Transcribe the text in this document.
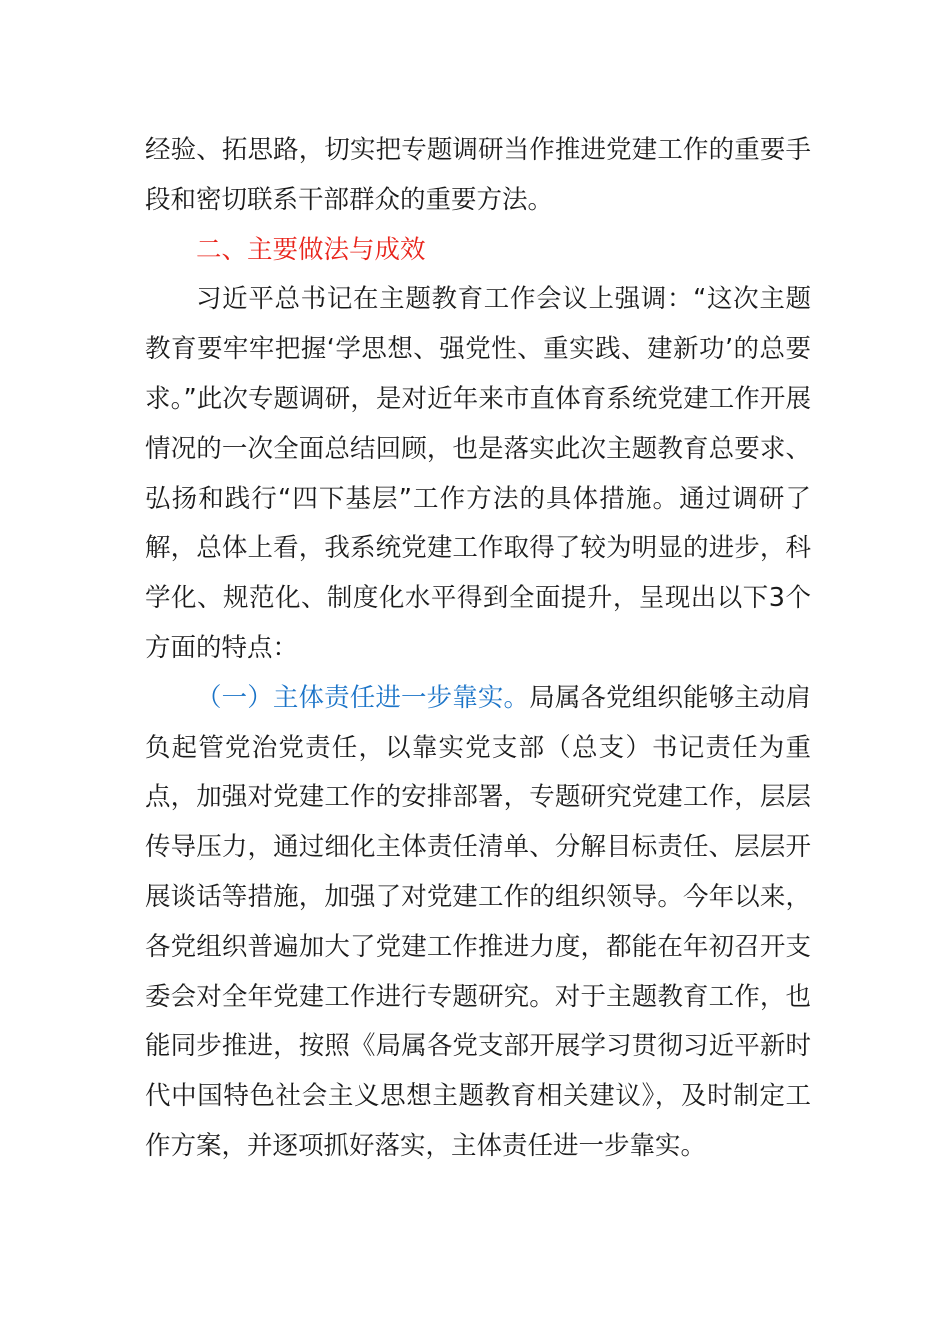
经验、拓思路，切实把专题调研当作推进党建工作的重要手段和密切联系干部群众的重要方法。

二、主要做法与成效

习近平总书记在主题教育工作会议上强调：“这次主题教育要牢牢把握‘学思想、强党性、重实践、建新功’的总要求。”此次专题调研，是对近年来市直体育系统党建工作开展情况的一次全面总结回顾，也是落实此次主题教育总要求、弘扬和践行“四下基层”工作方法的具体措施。通过调研了解，总体上看，我系统党建工作取得了较为明显的进步，科学化、规范化、制度化水平得到全面提升，呈现出以下3个方面的特点：

（一）主体责任进一步靠实。局属各党组织能够主动肩负起管党治党责任，以靠实党支部（总支）书记责任为重点，加强对党建工作的安排部署，专题研究党建工作，层层传导压力，通过细化主体责任清单、分解目标责任、层层开展谈话等措施，加强了对党建工作的组织领导。今年以来，各党组织普遍加大了党建工作推进力度，都能在年初召开支委会对全年党建工作进行专题研究。对于主题教育工作，也能同步推进，按照《局属各党支部开展学习贯彻习近平新时代中国特色社会主义思想主题教育相关建议》，及时制定工作方案，并逐项抓好落实，主体责任进一步靠实。
